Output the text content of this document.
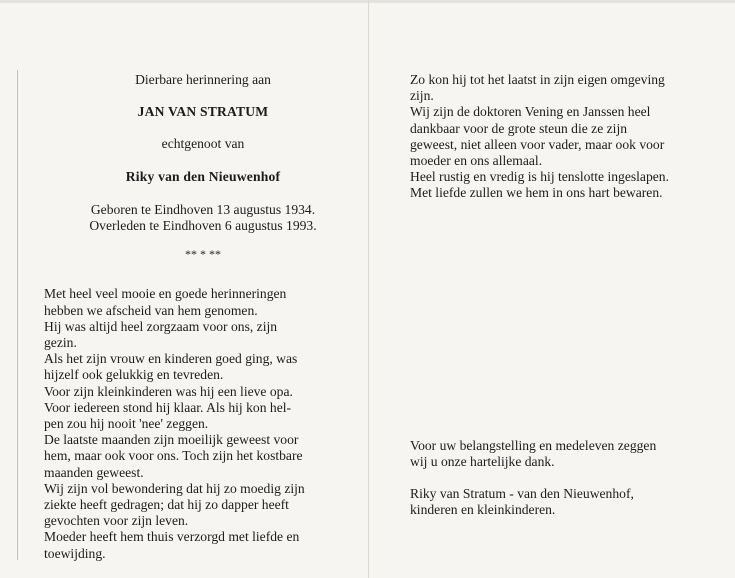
Dierbare herinnering aan

JAN VAN STRATUM

echtgenoot van

Riky van den Nieuwenhof

Geboren te Eindhoven 13 augustus 1934.

Overleden te Eindhoven 6 augustus 1993.

** * **

Met heel veel mooie en goede herinneringen
hebben we afscheid van hem genomen.
Hij was altijd heel zorgzaam voor ons, zijn
gezin.
Als het zijn vrouw en kinderen goed ging, was
hijzelf ook gelukkig en tevreden.
Voor zijn kleinkinderen was hij een lieve opa.
Voor iedereen stond hij klaar. Als hij kon hel-
pen zou hij nooit 'nee' zeggen.
De laatste maanden zijn moeilijk geweest voor
hem, maar ook voor ons. Toch zijn het kostbare
maanden geweest.
Wij zijn vol bewondering dat hij zo moedig zijn
ziekte heeft gedragen; dat hij zo dapper heeft
gevochten voor zijn leven.
Moeder heeft hem thuis verzorgd met liefde en
toewijding.
Zo kon hij tot het laatst in zijn eigen omgeving
zijn.
Wij zijn de doktoren Vening en Janssen heel
dankbaar voor de grote steun die ze zijn
geweest, niet alleen voor vader, maar ook voor
moeder en ons allemaal.
Heel rustig en vredig is hij tenslotte ingeslapen.
Met liefde zullen we hem in ons hart bewaren.
Voor uw belangstelling en medeleven zeggen
wij u onze hartelijke dank.
Riky van Stratum - van den Nieuwenhof,
kinderen en kleinkinderen.
